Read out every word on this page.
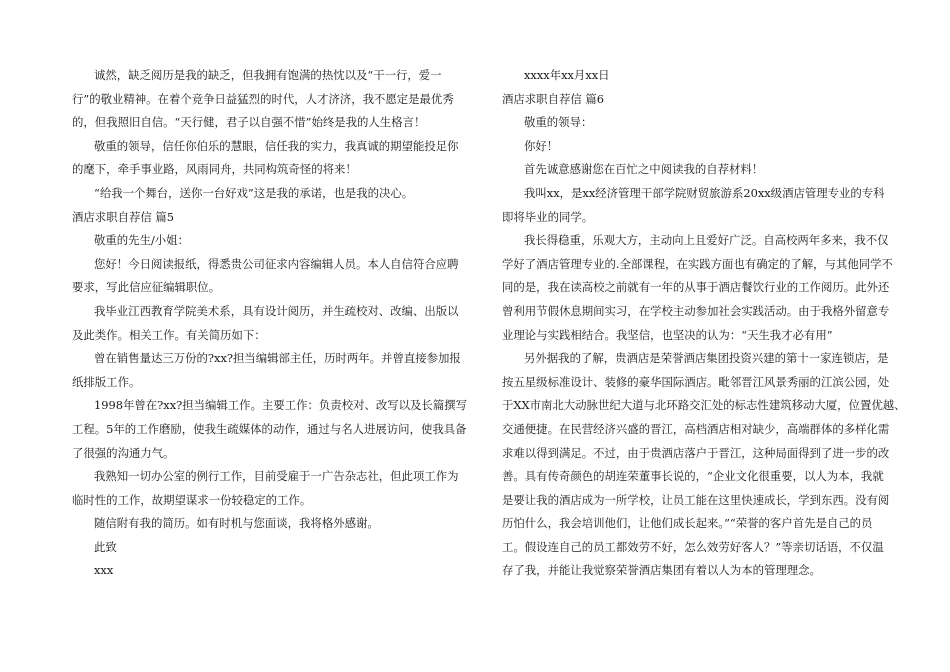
诚然，缺乏阅历是我的缺乏，但我拥有饱满的热忱以及“干一行，爱一
行”的敬业精神。在着个竞争日益猛烈的时代，人才济济，我不愿定是最优秀
的，但我照旧自信。“天行健，君子以自强不惜”始终是我的人生格言！
敬重的领导，信任你伯乐的慧眼，信任我的实力，我真诚的期望能投足你
的麾下，牵手事业路，风雨同舟，共同构筑奇怪的将来！
“给我一个舞台，送你一台好戏”这是我的承诺，也是我的决心。
酒店求职自荐信 篇5
敬重的先生/小姐：
您好！今日阅读报纸，得悉贵公司征求内容编辑人员。本人自信符合应聘
要求，写此信应征编辑职位。
我毕业江西教育学院美术系，具有设计阅历，并生疏校对、改编、出版以
及此类作。相关工作。有关简历如下：
曾在销售量达三万份的?xx?担当编辑部主任，历时两年。并曾直接参加报
纸排版工作。
1998年曾在?xx?担当编辑工作。主要工作：负责校对、改写以及长篇撰写
工程。5年的工作磨励，使我生疏媒体的动作，通过与名人进展访问，使我具备
了很强的沟通力气。
我熟知一切办公室的例行工作，目前受雇于一广告杂志社，但此项工作为
临时性的工作，故期望谋求一份较稳定的工作。
随信附有我的简历。如有时机与您面谈，我将格外感谢。
此致
xxx
xxxx年xx月xx日
酒店求职自荐信 篇6
敬重的领导：
你好！
首先诚意感谢您在百忙之中阅读我的自荐材料！
我叫xx，是xx经济管理干部学院财贸旅游系20xx级酒店管理专业的专科
即将毕业的同学。
我长得稳重，乐观大方，主动向上且爱好广泛。自高校两年多来，我不仅
学好了酒店管理专业的.全部课程，在实践方面也有确定的了解，与其他同学不
同的是，我在读高校之前就有一年的从事于酒店餐饮行业的工作阅历。此外还
曾利用节假休息期间实习，在学校主动参加社会实践活动。由于我格外留意专
业理论与实践相结合。我坚信，也坚决的认为：“天生我才必有用”
另外据我的了解，贵酒店是荣誉酒店集团投资兴建的第十一家连锁店，是
按五星级标准设计、装修的豪华国际酒店。毗邻晋江风景秀丽的江滨公园，处
于XX市南北大动脉世纪大道与北环路交汇处的标志性建筑移动大厦，位置优越、
交通便捷。在民营经济兴盛的晋江，高档酒店相对缺少，高端群体的多样化需
求难以得到满足。不过，由于贵酒店落户于晋江，这种局面得到了进一步的改
善。具有传奇颜色的胡连荣董事长说的，“企业文化很重要，以人为本，我就
是要让我的酒店成为一所学校，让员工能在这里快速成长，学到东西。没有阅
历怕什么，我会培训他们，让他们成长起来。”“荣誉的客户首先是自己的员
工。假设连自己的员工都效劳不好，怎么效劳好客人？”等亲切话语，不仅温
存了我，并能让我觉察荣誉酒店集团有着以人为本的管理理念。
